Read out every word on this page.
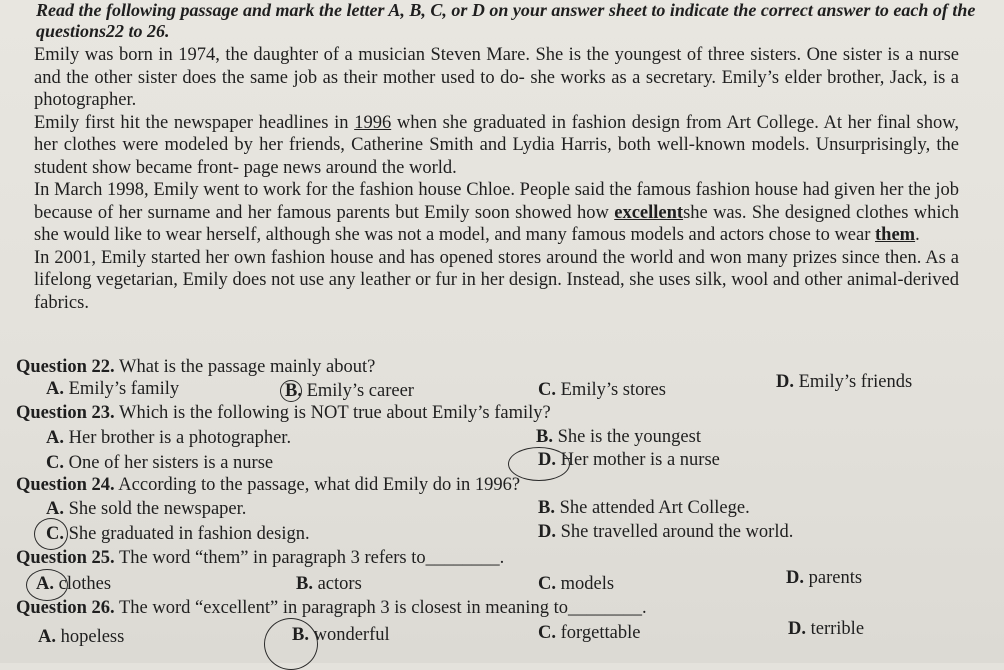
Read the following passage and mark the letter A, B, C, or D on your answer sheet to indicate the correct answer to each of the questions22 to 26.

Emily was born in 1974, the daughter of a musician Steven Mare. She is the youngest of three sisters. One sister is a nurse and the other sister does the same job as their mother used to do- she works as a secretary. Emily’s elder brother, Jack, is a photographer.

Emily first hit the newspaper headlines in 1996 when she graduated in fashion design from Art College. At her final show, her clothes were modeled by her friends, Catherine Smith and Lydia Harris, both well-known models. Unsurprisingly, the student show became front- page news around the world.

In March 1998, Emily went to work for the fashion house Chloe. People said the famous fashion house had given her the job because of her surname and her famous parents but Emily soon showed how excellentshe was. She designed clothes which she would like to wear herself, although she was not a model, and many famous models and actors chose to wear them.

In 2001, Emily started her own fashion house and has opened stores around the world and won many prizes since then. As a lifelong vegetarian, Emily does not use any leather or fur in her design. Instead, she uses silk, wool and other animal-derived fabrics.

Question 22. What is the passage mainly about?
A. Emily’s family	B. Emily’s career	C. Emily’s stores	D. Emily’s friends
Question 23. Which is the following is NOT true about Emily’s family?
A. Her brother is a photographer.	B. She is the youngest
C. One of her sisters is a nurse	D. Her mother is a nurse
Question 24. According to the passage, what did Emily do in 1996?
A. She sold the newspaper.	B. She attended Art College.
C. She graduated in fashion design.	D. She travelled around the world.
Question 25. The word “them” in paragraph 3 refers to________.
A. clothes	B. actors	C. models	D. parents
Question 26. The word “excellent” in paragraph 3 is closest in meaning to________.
A. hopeless	B. wonderful	C. forgettable	D. terrible
